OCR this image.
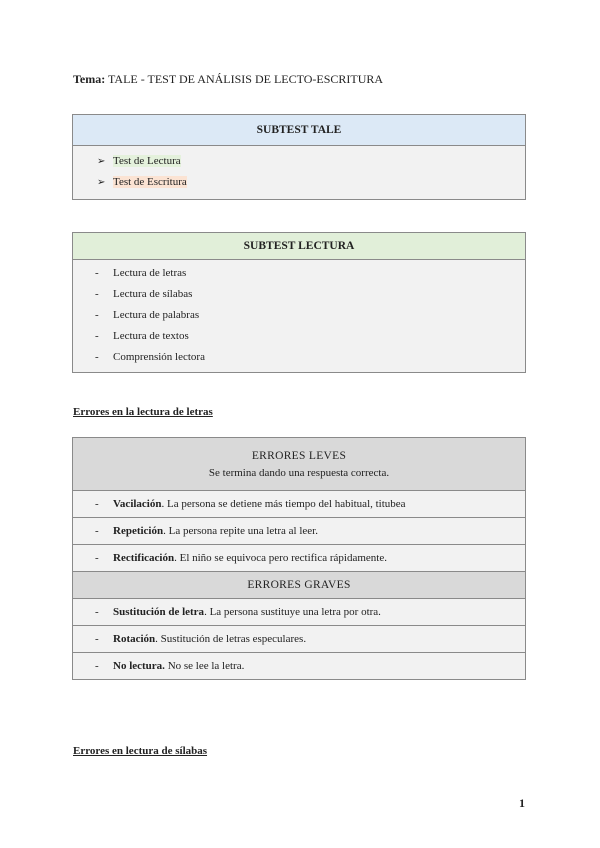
Tema: TALE - TEST DE ANÁLISIS DE LECTO-ESCRITURA
SUBTEST TALE

➢ Test de Lectura
➢ Test de Escritura
SUBTEST LECTURA

- Lectura de letras
- Lectura de sílabas
- Lectura de palabras
- Lectura de textos
- Comprensión lectora
Errores en la lectura de letras
ERRORES LEVES
Se termina dando una respuesta correcta.

- Vacilación. La persona se detiene más tiempo del habitual, titubea
- Repetición. La persona repite una letra al leer.
- Rectificación. El niño se equivoca pero rectifica rápidamente.
ERRORES GRAVES
- Sustitución de letra. La persona sustituye una letra por otra.
- Rotación. Sustitución de letras especulares.
- No lectura. No se lee la letra.
Errores en lectura de sílabas
1
